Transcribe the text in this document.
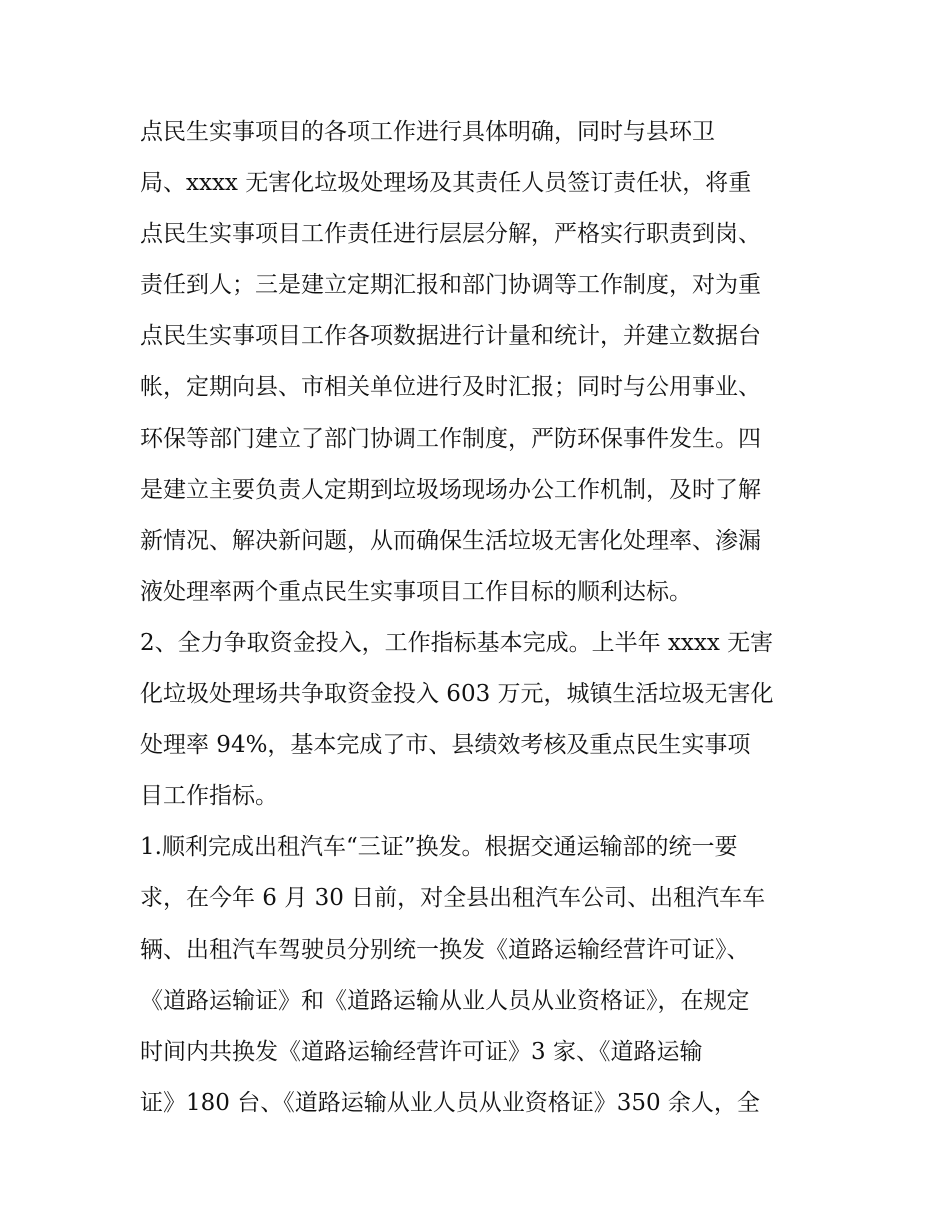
点民生实事项目的各项工作进行具体明确，同时与县环卫
局、xxxx 无害化垃圾处理场及其责任人员签订责任状，将重
点民生实事项目工作责任进行层层分解，严格实行职责到岗、
责任到人；三是建立定期汇报和部门协调等工作制度，对为重
点民生实事项目工作各项数据进行计量和统计，并建立数据台
帐，定期向县、市相关单位进行及时汇报；同时与公用事业、
环保等部门建立了部门协调工作制度，严防环保事件发生。四
是建立主要负责人定期到垃圾场现场办公工作机制，及时了解
新情况、解决新问题，从而确保生活垃圾无害化处理率、渗漏
液处理率两个重点民生实事项目工作目标的顺利达标。
2、全力争取资金投入，工作指标基本完成。上半年 xxxx 无害
化垃圾处理场共争取资金投入 603 万元，城镇生活垃圾无害化
处理率 94%，基本完成了市、县绩效考核及重点民生实事项
目工作指标。
1.顺利完成出租汽车“三证”换发。根据交通运输部的统一要
求，在今年 6 月 30 日前，对全县出租汽车公司、出租汽车车
辆、出租汽车驾驶员分别统一换发《道路运输经营许可证》、
《道路运输证》和《道路运输从业人员从业资格证》，在规定
时间内共换发《道路运输经营许可证》3 家、《道路运输
证》180 台、《道路运输从业人员从业资格证》350 余人，全
